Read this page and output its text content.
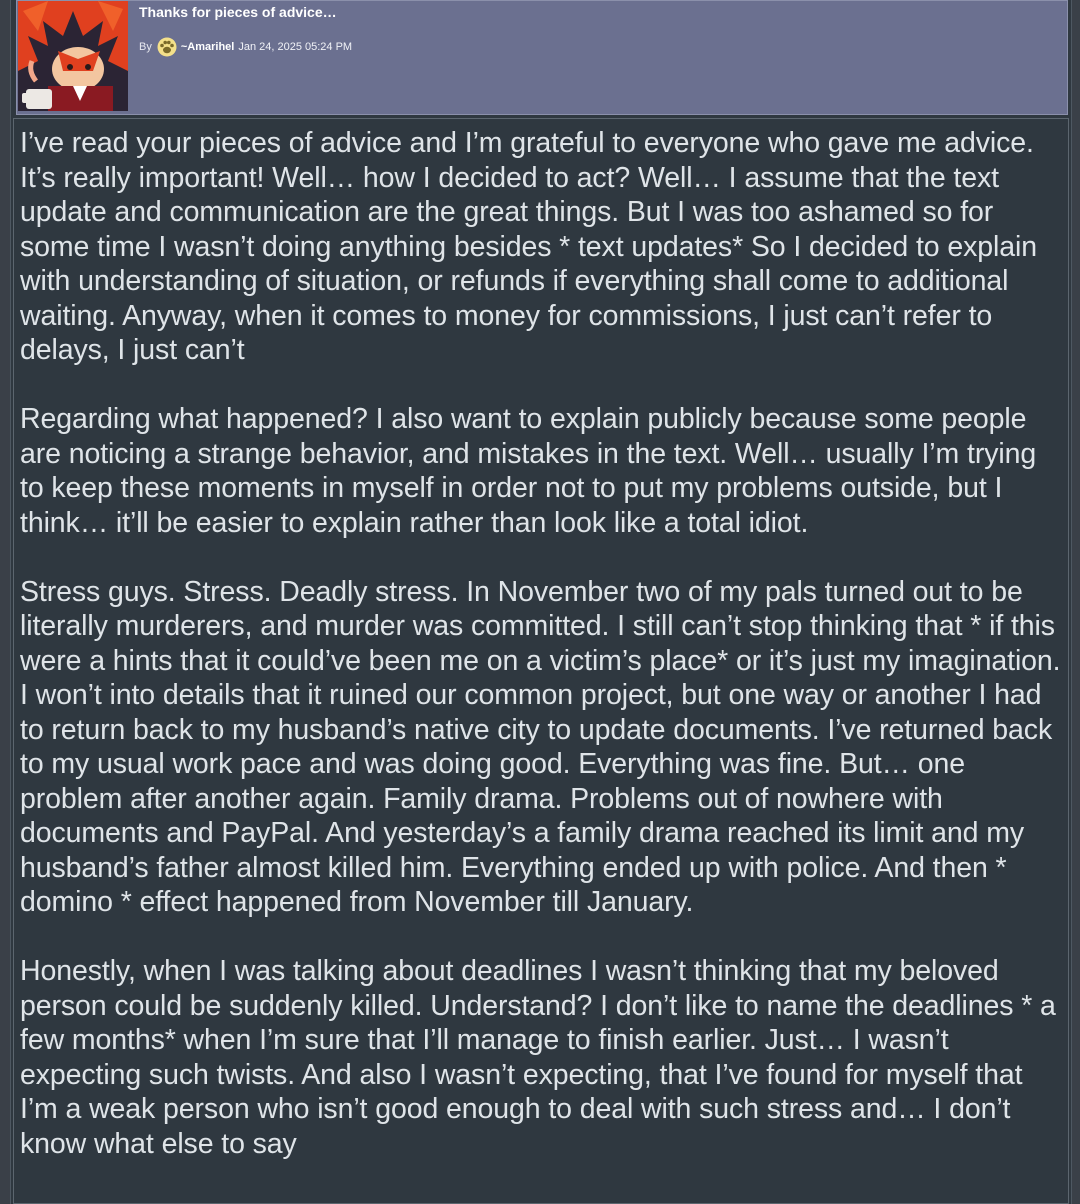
Thanks for pieces of advice…
By	~Amarihel Jan 24, 2025 05:24 PM

I’ve read your pieces of advice and I’m grateful to everyone who gave me advice. It’s really important! Well… how I decided to act? Well… I assume that the text update and communication are the great things. But I was too ashamed so for some time I wasn’t doing anything besides * text updates* So I decided to explain with understanding of situation, or refunds if everything shall come to additional waiting. Anyway, when it comes to money for commissions, I just can’t refer to delays, I just can’t

Regarding what happened? I also want to explain publicly because some people are noticing a strange behavior, and mistakes in the text. Well… usually I’m trying to keep these moments in myself in order not to put my problems outside, but I think… it’ll be easier to explain rather than look like a total idiot.

Stress guys. Stress. Deadly stress. In November two of my pals turned out to be literally murderers, and murder was committed. I still can’t stop thinking that * if this were a hints that it could’ve been me on a victim’s place* or it’s just my imagination. I won’t into details that it ruined our common project, but one way or another I had to return back to my husband’s native city to update documents. I’ve returned back to my usual work pace and was doing good. Everything was fine. But… one problem after another again. Family drama. Problems out of nowhere with documents and PayPal. And yesterday’s a family drama reached its limit and my husband’s father almost killed him. Everything ended up with police. And then * domino * effect happened from November till January.

Honestly, when I was talking about deadlines I wasn’t thinking that my beloved person could be suddenly killed. Understand? I don’t like to name the deadlines * a few months* when I’m sure that I’ll manage to finish earlier. Just… I wasn’t expecting such twists. And also I wasn’t expecting, that I’ve found for myself that I’m a weak person who isn’t good enough to deal with such stress and… I don’t know what else to say
